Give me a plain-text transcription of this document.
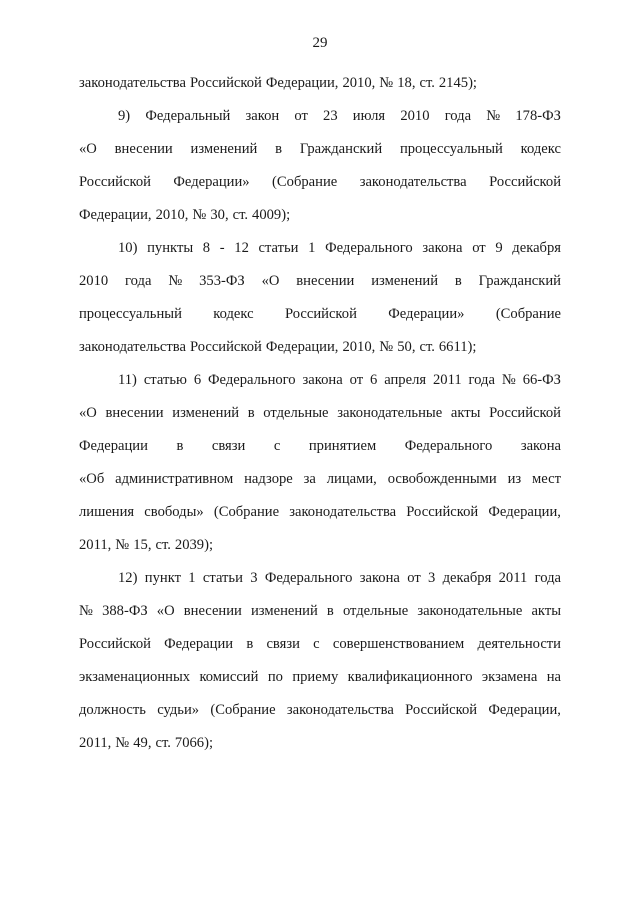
29
законодательства Российской Федерации, 2010, № 18, ст. 2145);
9) Федеральный закон от 23 июля 2010 года № 178-ФЗ
«О внесении изменений в Гражданский процессуальный кодекс
Российской Федерации» (Собрание законодательства Российской
Федерации, 2010, № 30, ст. 4009);
10) пункты 8 - 12 статьи 1 Федерального закона от 9 декабря
2010 года № 353-ФЗ «О внесении изменений в Гражданский
процессуальный кодекс Российской Федерации» (Собрание
законодательства Российской Федерации, 2010, № 50, ст. 6611);
11) статью 6 Федерального закона от 6 апреля 2011 года № 66-ФЗ
«О внесении изменений в отдельные законодательные акты Российской
Федерации в связи с принятием Федерального закона
«Об административном надзоре за лицами, освобожденными из мест
лишения свободы» (Собрание законодательства Российской Федерации,
2011, № 15, ст. 2039);
12) пункт 1 статьи 3 Федерального закона от 3 декабря 2011 года
№ 388-ФЗ «О внесении изменений в отдельные законодательные акты
Российской Федерации в связи с совершенствованием деятельности
экзаменационных комиссий по приему квалификационного экзамена на
должность судьи» (Собрание законодательства Российской Федерации,
2011, № 49, ст. 7066);
